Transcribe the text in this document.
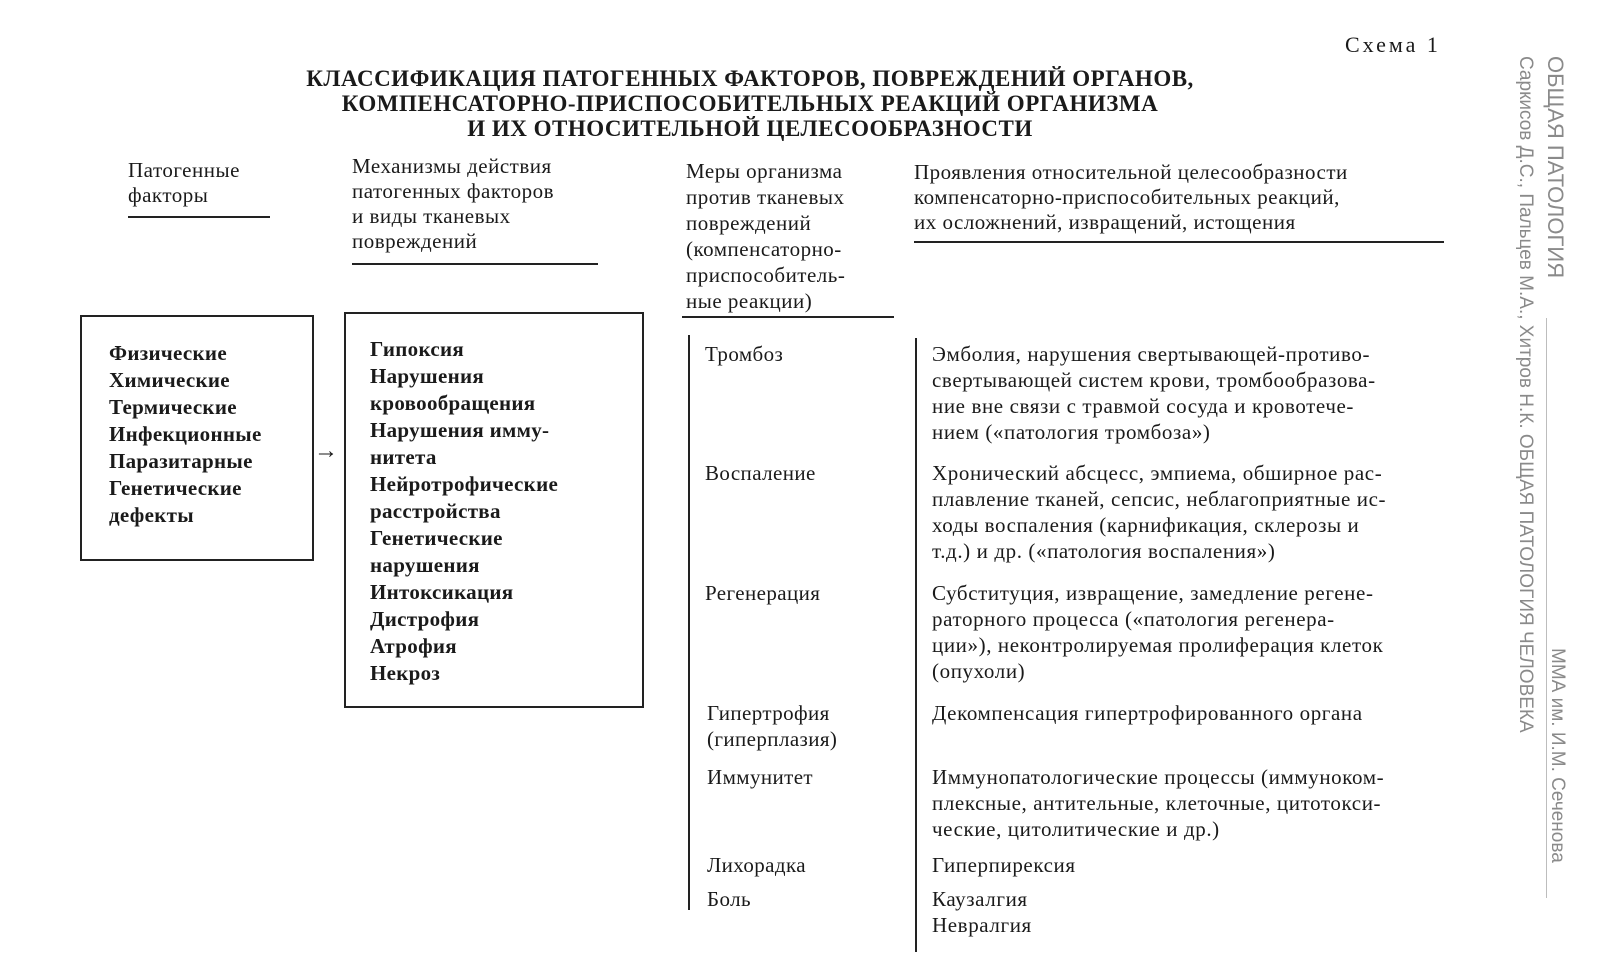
Схема 1
КЛАССИФИКАЦИЯ ПАТОГЕННЫХ ФАКТОРОВ, ПОВРЕЖДЕНИЙ ОРГАНОВ,
КОМПЕНСАТОРНО-ПРИСПОСОБИТЕЛЬНЫХ РЕАКЦИЙ ОРГАНИЗМА
И ИХ ОТНОСИТЕЛЬНОЙ ЦЕЛЕСООБРАЗНОСТИ
Патогенные
факторы
Механизмы действия
патогенных факторов
и виды тканевых
повреждений
Меры организма
против тканевых
повреждений
(компенсаторно-
приспособитель-
ные реакции)
Проявления относительной целесообразности
компенсаторно-приспособительных реакций,
их осложнений, извращений, истощения
Физические
Химические
Термические
Инфекционные
Паразитарные
Генетические
дефекты
→
Гипоксия
Нарушения
кровообращения
Нарушения имму-
нитета
Нейротрофические
расстройства
Генетические
нарушения
Интоксикация
Дистрофия
Атрофия
Некроз
Тромбоз
Воспаление
Регенерация
Гипертрофия
(гиперплазия)
Иммунитет
Лихорадка
Боль
Эмболия, нарушения свертывающей-противо-
свертывающей систем крови, тромбообразова-
ние вне связи с травмой сосуда и кровотече-
нием («патология тромбоза»)
Хронический абсцесс, эмпиема, обширное рас-
плавление тканей, сепсис, неблагоприятные ис-
ходы воспаления (карнификация, склерозы и
т.д.) и др. («патология воспаления»)
Субституция, извращение, замедление регене-
раторного процесса («патология регенера-
ции»), неконтролируемая пролиферация клеток
(опухоли)
Декомпенсация гипертрофированного органа
Иммунопатологические процессы (иммуноком-
плексные, антительные, клеточные, цитотокси-
ческие, цитолитические и др.)
Гиперпирексия
Каузалгия
Невралгия
ОБЩАЯ ПАТОЛОГИЯ
Саркисов Д.С., Пальцев М.А., Хитров Н.К. ОБЩАЯ ПАТОЛОГИЯ ЧЕЛОВЕКА
ММА им. И.М. Сеченова
